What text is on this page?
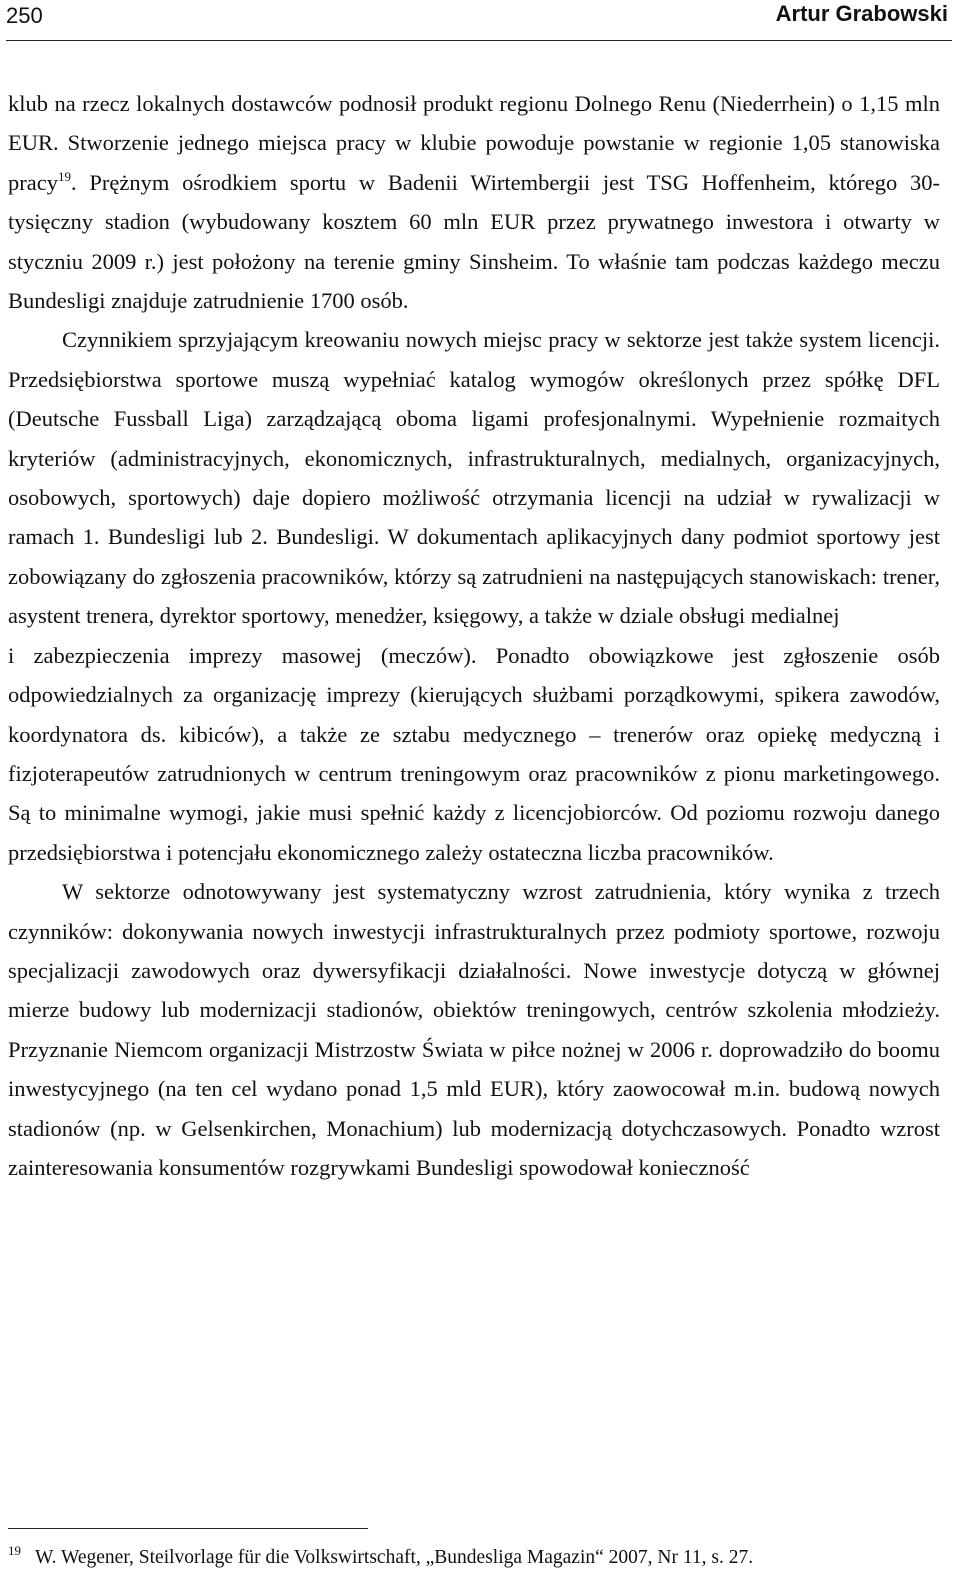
250	Artur Grabowski

klub na rzecz lokalnych dostawców podnosił produkt regionu Dolnego Renu (Niederrhein) o 1,15 mln EUR. Stworzenie jednego miejsca pracy w klubie powoduje powstanie w regionie 1,05 stanowiska pracy$^{19}$. Prężnym ośrodkiem sportu w Badenii Wirtembergii jest TSG Hoffenheim, którego 30-tysięczny stadion (wybudowany kosztem 60 mln EUR przez prywatnego inwestora i otwarty w styczniu 2009 r.) jest położony na terenie gminy Sinsheim. To właśnie tam podczas każdego meczu Bundesligi znajduje zatrudnienie 1700 osób.

Czynnikiem sprzyjającym kreowaniu nowych miejsc pracy w sektorze jest także system licencji. Przedsiębiorstwa sportowe muszą wypełniać katalog wymogów określonych przez spółkę DFL (Deutsche Fussball Liga) zarządzającą oboma ligami profesjonalnymi. Wypełnienie rozmaitych kryteriów (administracyjnych, ekonomicznych, infrastrukturalnych, medialnych, organizacyjnych, osobowych, sportowych) daje dopiero możliwość otrzymania licencji na udział w rywalizacji w ramach 1. Bundesligi lub 2. Bundesligi. W dokumentach aplikacyjnych dany podmiot sportowy jest zobowiązany do zgłoszenia pracowników, którzy są zatrudnieni na następujących stanowiskach: trener, asystent trenera, dyrektor sportowy, menedżer, księgowy, a także w dziale obsługi medialnej

i zabezpieczenia imprezy masowej (meczów). Ponadto obowiązkowe jest zgłoszenie osób odpowiedzialnych za organizację imprezy (kierujących służbami porządkowymi, spikera zawodów, koordynatora ds. kibiców), a także ze sztabu medycznego – trenerów oraz opiekę medyczną i fizjoterapeutów zatrudnionych w centrum treningowym oraz pracowników z pionu marketingowego. Są to minimalne wymogi, jakie musi spełnić każdy z licencjobiorców. Od poziomu rozwoju danego przedsiębiorstwa i potencjału ekonomicznego zależy ostateczna liczba pracowników.

W sektorze odnotowywany jest systematyczny wzrost zatrudnienia, który wynika z trzech czynników: dokonywania nowych inwestycji infrastrukturalnych przez podmioty sportowe, rozwoju specjalizacji zawodowych oraz dywersyfikacji działalności. Nowe inwestycje dotyczą w głównej mierze budowy lub modernizacji stadionów, obiektów treningowych, centrów szkolenia młodzieży. Przyznanie Niemcom organizacji Mistrzostw Świata w piłce nożnej w 2006 r. doprowadziło do boomu inwestycyjnego (na ten cel wydano ponad 1,5 mld EUR), który zaowocował m.in. budową nowych stadionów (np. w Gelsenkirchen, Monachium) lub modernizacją dotychczasowych. Ponadto wzrost zainteresowania konsumentów rozgrywkami Bundesligi spowodował konieczność

$^{19}$ W. Wegener, Steilvorlage für die Volkswirtschaft, „Bundesliga Magazin“ 2007, Nr 11, s. 27.
